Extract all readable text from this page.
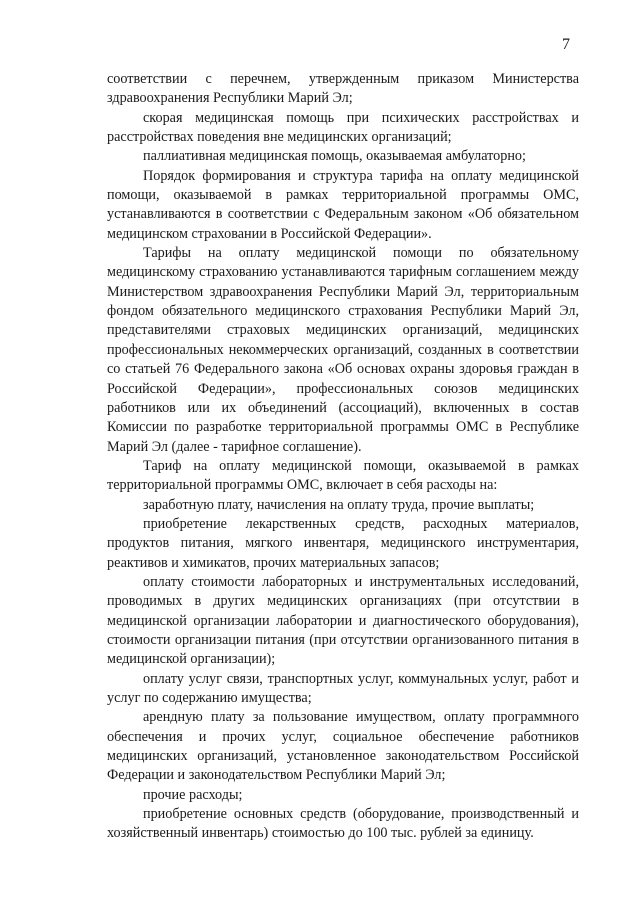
7

соответствии с перечнем, утвержденным приказом Министерства здравоохранения Республики Марий Эл;

скорая медицинская помощь при психических расстройствах и расстройствах поведения вне медицинских организаций;

паллиативная медицинская помощь, оказываемая амбулаторно;

Порядок формирования и структура тарифа на оплату медицинской помощи, оказываемой в рамках территориальной программы ОМС, устанавливаются в соответствии с Федеральным законом «Об обязательном медицинском страховании в Российской Федерации».

Тарифы на оплату медицинской помощи по обязательному медицинскому страхованию устанавливаются тарифным соглашением между Министерством здравоохранения Республики Марий Эл, территориальным фондом обязательного медицинского страхования Республики Марий Эл, представителями страховых медицинских организаций, медицинских профессиональных некоммерческих организаций, созданных в соответствии со статьей 76 Федерального закона «Об основах охраны здоровья граждан в Российской Федерации», профессиональных союзов медицинских работников или их объединений (ассоциаций), включенных в состав Комиссии по разработке территориальной программы ОМС в Республике Марий Эл (далее - тарифное соглашение).

Тариф на оплату медицинской помощи, оказываемой в рамках территориальной программы ОМС, включает в себя расходы на:

заработную плату, начисления на оплату труда, прочие выплаты;

приобретение лекарственных средств, расходных материалов, продуктов питания, мягкого инвентаря, медицинского инструментария, реактивов и химикатов, прочих материальных запасов;

оплату стоимости лабораторных и инструментальных исследований, проводимых в других медицинских организациях (при отсутствии в медицинской организации лаборатории и диагностического оборудования), стоимости организации питания (при отсутствии организованного питания в медицинской организации);

оплату услуг связи, транспортных услуг, коммунальных услуг, работ и услуг по содержанию имущества;

арендную плату за пользование имуществом, оплату программного обеспечения и прочих услуг, социальное обеспечение работников медицинских организаций, установленное законодательством Российской Федерации и законодательством Республики Марий Эл;

прочие расходы;

приобретение основных средств (оборудование, производственный и хозяйственный инвентарь) стоимостью до 100 тыс. рублей за единицу.
